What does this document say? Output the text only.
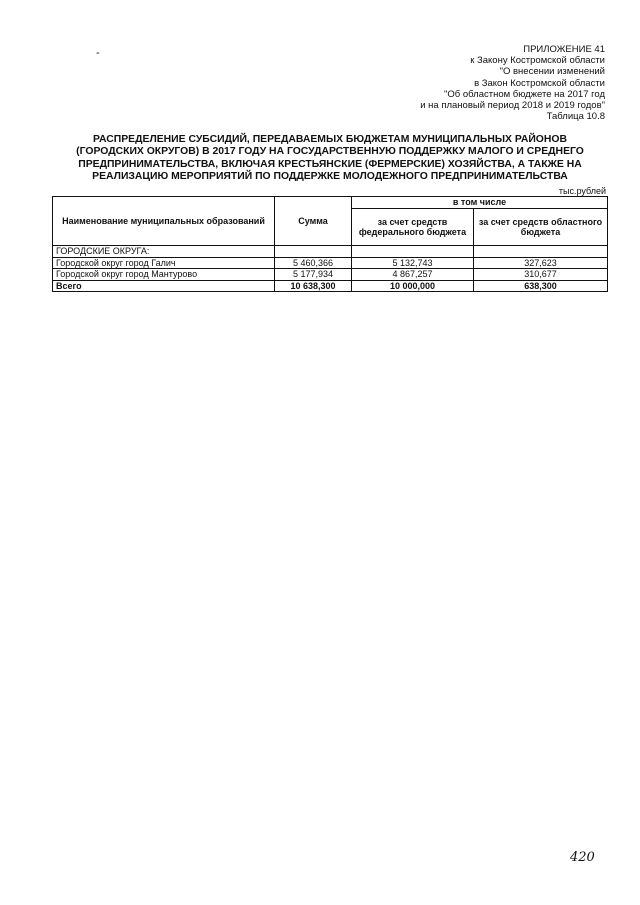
-	ПРИЛОЖЕНИЕ 41
к Закону Костромской области
"О внесении изменений
в Закон Костромской области
"Об областном бюджете на 2017 год
и на плановый период 2018 и 2019 годов"
Таблица 10.8
РАСПРЕДЕЛЕНИЕ СУБСИДИЙ, ПЕРЕДАВАЕМЫХ БЮДЖЕТАМ МУНИЦИПАЛЬНЫХ РАЙОНОВ
(ГОРОДСКИХ ОКРУГОВ) В 2017 ГОДУ НА ГОСУДАРСТВЕННУЮ ПОДДЕРЖКУ МАЛОГО И СРЕДНЕГО
ПРЕДПРИНИМАТЕЛЬСТВА, ВКЛЮЧАЯ КРЕСТЬЯНСКИЕ (ФЕРМЕРСКИЕ) ХОЗЯЙСТВА, А ТАКЖЕ НА
РЕАЛИЗАЦИЮ МЕРОПРИЯТИЙ ПО ПОДДЕРЖКЕ МОЛОДЕЖНОГО ПРЕДПРИНИМАТЕЛЬСТВА
тыс.рублей
Наименование муниципальных образований	Сумма	в том числе	
		за счет средств федерального бюджета	за счет средств областного бюджета
ГОРОДСКИЕ ОКРУГА:			
Городской округ город Галич	5 460,366	5 132,743	327,623
Городской округ город Мантурово	5 177,934	4 867,257	310,677
Всего	10 638,300	10 000,000	638,300
420
